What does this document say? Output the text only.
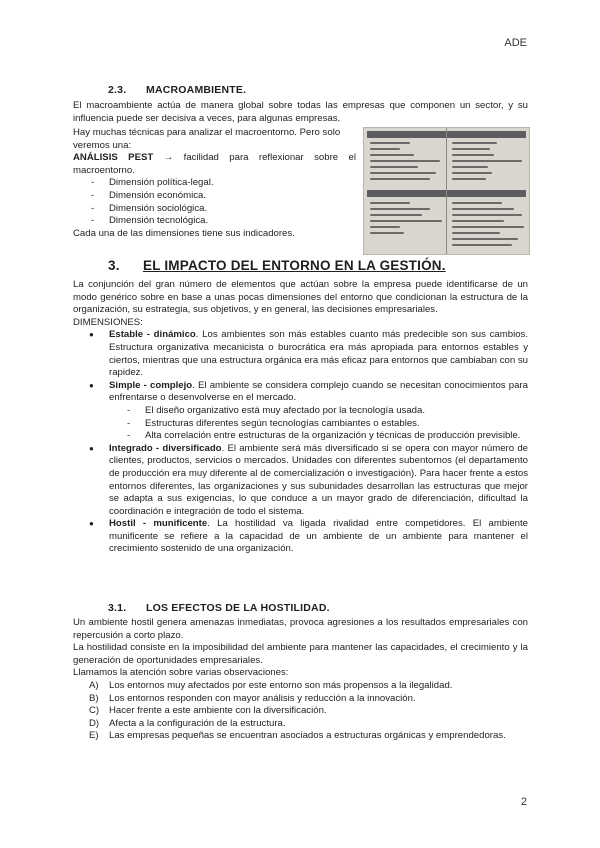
ADE
2.3. MACROAMBIENTE.

El macroambiente actúa de manera global sobre todas las empresas que componen un sector, y su influencia puede ser decisiva a veces, para algunas empresas.

Hay muchas técnicas para analizar el macroentorno. Pero solo

veremos una:

ANÁLISIS PEST → facilidad para reflexionar sobre el macroentorno.

- Dimensión política-legal.
- Dimensión económica.
- Dimensión sociológica.
- Dimensión tecnológica.

Cada una de las dimensiones tiene sus indicadores.

3. EL IMPACTO DEL ENTORNO EN LA GESTIÓN.

La conjunción del gran número de elementos que actúan sobre la empresa puede identificarse de un modo genérico sobre en base a unas pocas dimensiones del entorno que condicionan la estructura de la organización, su estrategia, sus objetivos, y en general, las decisiones empresariales.

DIMENSIONES:

● Estable - dinámico. Los ambientes son más estables cuanto más predecible son sus cambios. Estructura organizativa mecanicista o burocrática era más apropiada para entornos estables y ciertos, mientras que una estructura orgánica era más eficaz para entornos que cambiaban con su rapidez.
● Simple - complejo. El ambiente se considera complejo cuando se necesitan conocimientos para enfrentarse o desenvolverse en el mercado.
- El diseño organizativo está muy afectado por la tecnología usada.
- Estructuras diferentes según tecnologías cambiantes o estables.
- Alta correlación entre estructuras de la organización y técnicas de producción previsible.
● Integrado - diversificado. El ambiente será más diversificado si se opera con mayor número de clientes, productos, servicios o mercados. Unidades con diferentes subentornos (el departamento de producción era muy diferente al de comercialización o investigación). Para hacer frente a estos entornos diferentes, las organizaciones y sus subunidades desarrollan las estructuras que mejor se adapta a sus exigencias, lo que conduce a un mayor grado de diferenciación, dificultad la coordinación e integración de todo el sistema.
● Hostil - munificente. La hostilidad va ligada rivalidad entre competidores. El ambiente munificente se refiere a la capacidad de un ambiente de un ambiente para mantener el crecimiento sostenido de una organización.
3.1. LOS EFECTOS DE LA HOSTILIDAD.

Un ambiente hostil genera amenazas inmediatas, provoca agresiones a los resultados empresariales con repercusión a corto plazo.

La hostilidad consiste en la imposibilidad del ambiente para mantener las capacidades, el crecimiento y la generación de oportunidades empresariales.

Llamamos la atención sobre varias observaciones:

A) Los entornos muy afectados por este entorno son más propensos a la ilegalidad.
B) Los entornos responden con mayor análisis y reducción a la innovación.
C) Hacer frente a este ambiente con la diversificación.
D) Afecta a la configuración de la estructura.
E) Las empresas pequeñas se encuentran asociados a estructuras orgánicas y emprendedoras.
2
